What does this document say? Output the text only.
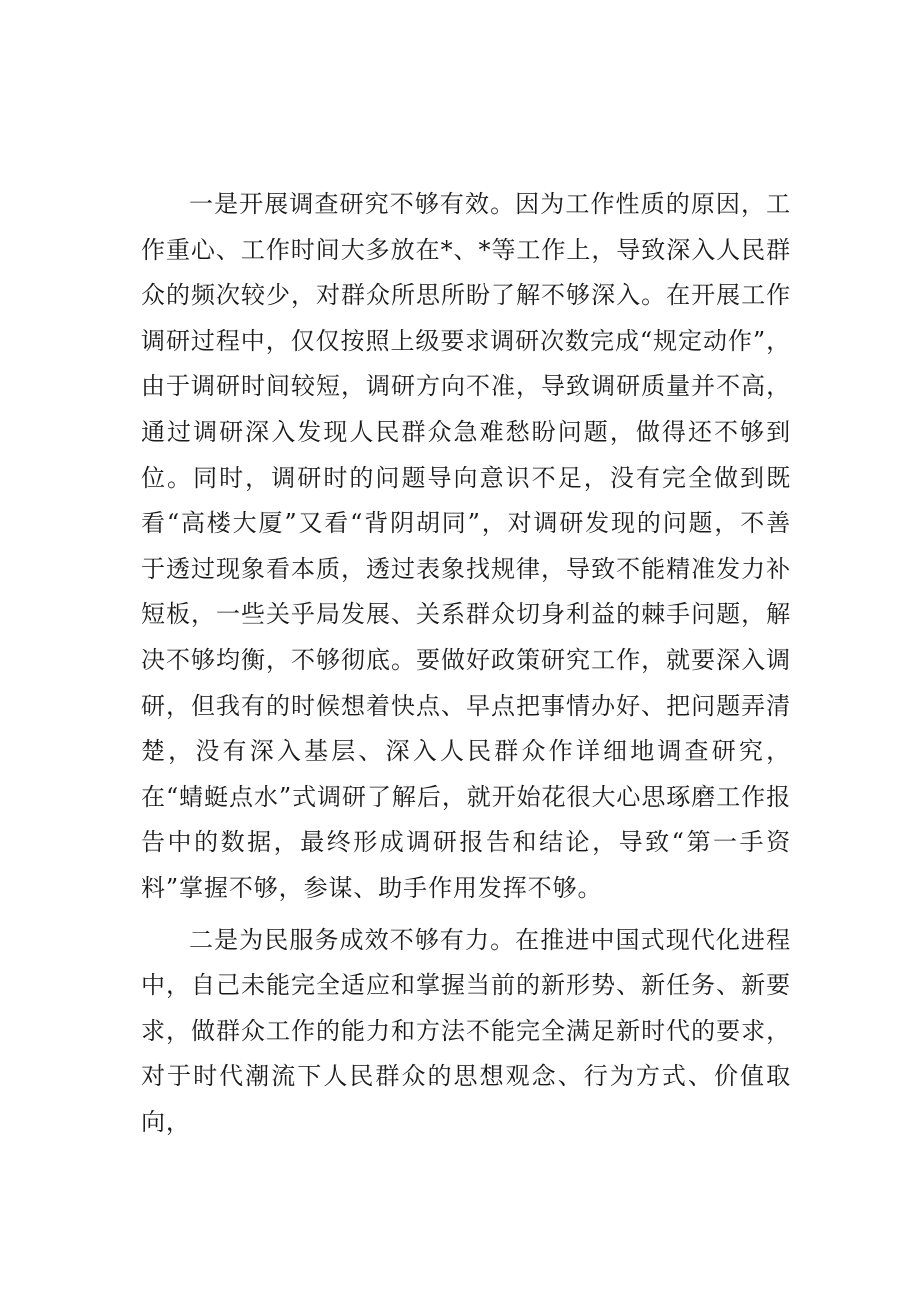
一是开展调查研究不够有效。因为工作性质的原因，工作重心、工作时间大多放在*、*等工作上，导致深入人民群众的频次较少，对群众所思所盼了解不够深入。在开展工作调研过程中，仅仅按照上级要求调研次数完成“规定动作”，由于调研时间较短，调研方向不准，导致调研质量并不高，通过调研深入发现人民群众急难愁盼问题，做得还不够到位。同时，调研时的问题导向意识不足，没有完全做到既看“高楼大厦”又看“背阴胡同”，对调研发现的问题，不善于透过现象看本质，透过表象找规律，导致不能精准发力补短板，一些关乎局发展、关系群众切身利益的棘手问题，解决不够均衡，不够彻底。要做好政策研究工作，就要深入调研，但我有的时候想着快点、早点把事情办好、把问题弄清楚，没有深入基层、深入人民群众作详细地调查研究，在“蜻蜓点水”式调研了解后，就开始花很大心思琢磨工作报告中的数据，最终形成调研报告和结论，导致“第一手资料”掌握不够，参谋、助手作用发挥不够。

二是为民服务成效不够有力。在推进中国式现代化进程中，自己未能完全适应和掌握当前的新形势、新任务、新要求，做群众工作的能力和方法不能完全满足新时代的要求，对于时代潮流下人民群众的思想观念、行为方式、价值取向，
